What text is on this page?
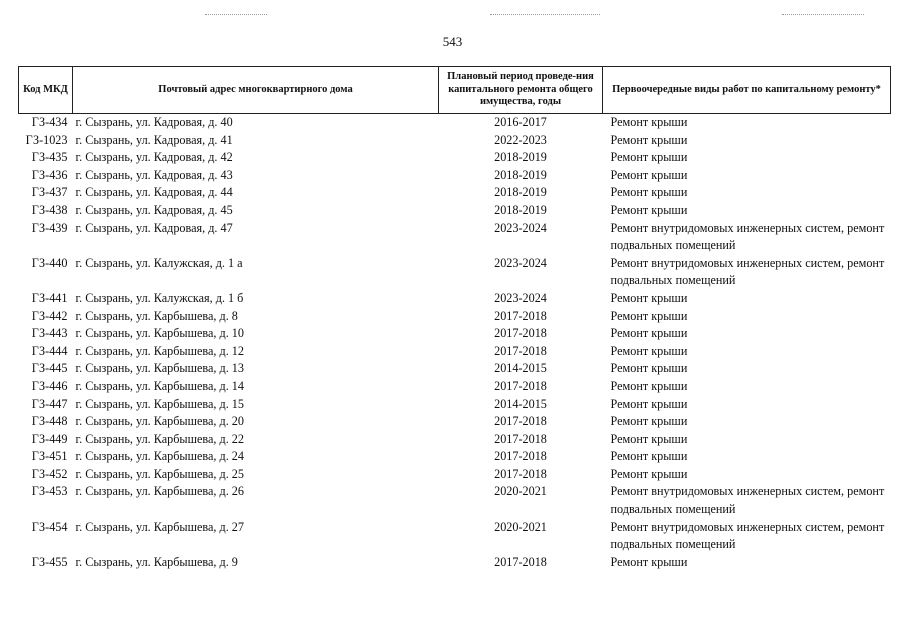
543
Код МКД	Почтовый адрес многоквартирного дома	Плановый период проведе-ния капитального ремонта общего имущества, годы	Первоочередные виды работ по капитальному ремонту*
ГЗ-434	г. Сызрань, ул. Кадровая, д. 40	2016-2017	Ремонт крыши
ГЗ-1023	г. Сызрань, ул. Кадровая, д. 41	2022-2023	Ремонт крыши
ГЗ-435	г. Сызрань, ул. Кадровая, д. 42	2018-2019	Ремонт крыши
ГЗ-436	г. Сызрань, ул. Кадровая, д. 43	2018-2019	Ремонт крыши
ГЗ-437	г. Сызрань, ул. Кадровая, д. 44	2018-2019	Ремонт крыши
ГЗ-438	г. Сызрань, ул. Кадровая, д. 45	2018-2019	Ремонт крыши
ГЗ-439	г. Сызрань, ул. Кадровая, д. 47	2023-2024	Ремонт внутридомовых инженерных систем, ремонт подвальных помещений
ГЗ-440	г. Сызрань, ул. Калужская, д. 1 а	2023-2024	Ремонт внутридомовых инженерных систем, ремонт подвальных помещений
ГЗ-441	г. Сызрань, ул. Калужская, д. 1 б	2023-2024	Ремонт крыши
ГЗ-442	г. Сызрань, ул. Карбышева, д. 8	2017-2018	Ремонт крыши
ГЗ-443	г. Сызрань, ул. Карбышева, д. 10	2017-2018	Ремонт крыши
ГЗ-444	г. Сызрань, ул. Карбышева, д. 12	2017-2018	Ремонт крыши
ГЗ-445	г. Сызрань, ул. Карбышева, д. 13	2014-2015	Ремонт крыши
ГЗ-446	г. Сызрань, ул. Карбышева, д. 14	2017-2018	Ремонт крыши
ГЗ-447	г. Сызрань, ул. Карбышева, д. 15	2014-2015	Ремонт крыши
ГЗ-448	г. Сызрань, ул. Карбышева, д. 20	2017-2018	Ремонт крыши
ГЗ-449	г. Сызрань, ул. Карбышева, д. 22	2017-2018	Ремонт крыши
ГЗ-451	г. Сызрань, ул. Карбышева, д. 24	2017-2018	Ремонт крыши
ГЗ-452	г. Сызрань, ул. Карбышева, д. 25	2017-2018	Ремонт крыши
ГЗ-453	г. Сызрань, ул. Карбышева, д. 26	2020-2021	Ремонт внутридомовых инженерных систем, ремонт подвальных помещений
ГЗ-454	г. Сызрань, ул. Карбышева, д. 27	2020-2021	Ремонт внутридомовых инженерных систем, ремонт подвальных помещений
ГЗ-455	г. Сызрань, ул. Карбышева, д. 9	2017-2018	Ремонт крыши
